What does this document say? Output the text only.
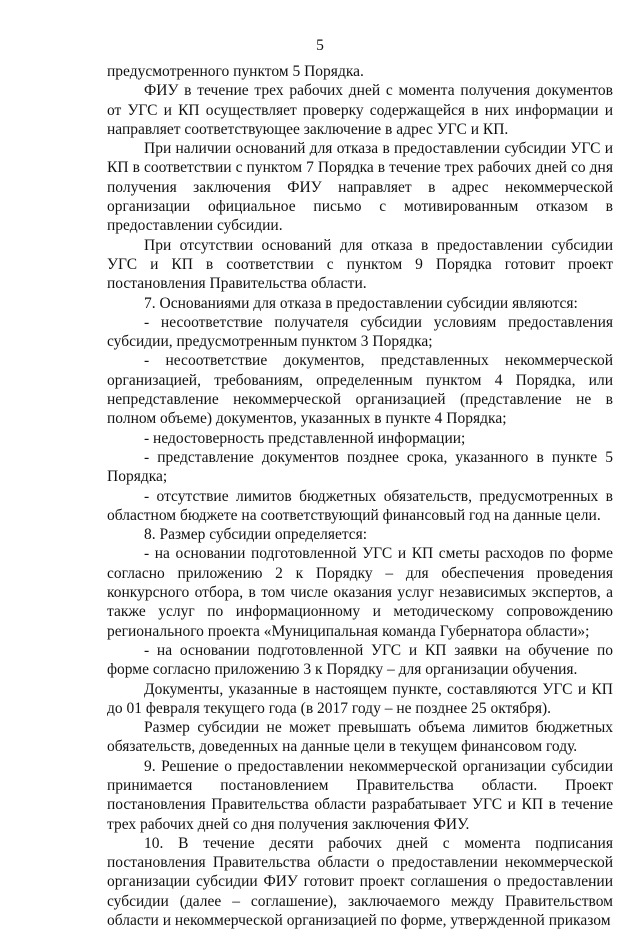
5

предусмотренного пунктом 5 Порядка.

ФИУ в течение трех рабочих дней с момента получения документов от УГС и КП осуществляет проверку содержащейся в них информации и направляет соответствующее заключение в адрес УГС и КП.

При наличии оснований для отказа в предоставлении субсидии УГС и КП в соответствии с пунктом 7 Порядка в течение трех рабочих дней со дня получения заключения ФИУ направляет в адрес некоммерческой организации официальное письмо с мотивированным отказом в предоставлении субсидии.

При отсутствии оснований для отказа в предоставлении субсидии УГС и КП в соответствии с пунктом 9 Порядка готовит проект постановления Правительства области.

7. Основаниями для отказа в предоставлении субсидии являются:

- несоответствие получателя субсидии условиям предоставления субсидии, предусмотренным пунктом 3 Порядка;

- несоответствие документов, представленных некоммерческой организацией, требованиям, определенным пунктом 4 Порядка, или непредставление некоммерческой организацией (представление не в полном объеме) документов, указанных в пункте 4 Порядка;

- недостоверность представленной информации;

- представление документов позднее срока, указанного в пункте 5 Порядка;

- отсутствие лимитов бюджетных обязательств, предусмотренных в областном бюджете на соответствующий финансовый год на данные цели.

8. Размер субсидии определяется:

- на основании подготовленной УГС и КП сметы расходов по форме согласно приложению 2 к Порядку – для обеспечения проведения конкурсного отбора, в том числе оказания услуг независимых экспертов, а также услуг по информационному и методическому сопровождению регионального проекта «Муниципальная команда Губернатора области»;

- на основании подготовленной УГС и КП заявки на обучение по форме согласно приложению 3 к Порядку – для организации обучения.

Документы, указанные в настоящем пункте, составляются УГС и КП до 01 февраля текущего года (в 2017 году – не позднее 25 октября).

Размер субсидии не может превышать объема лимитов бюджетных обязательств, доведенных на данные цели в текущем финансовом году.

9. Решение о предоставлении некоммерческой организации субсидии принимается постановлением Правительства области. Проект постановления Правительства области разрабатывает УГС и КП в течение трех рабочих дней со дня получения заключения ФИУ.

10. В течение десяти рабочих дней с момента подписания постановления Правительства области о предоставлении некоммерческой организации субсидии ФИУ готовит проект соглашения о предоставлении субсидии (далее – соглашение), заключаемого между Правительством области и некоммерческой организацией по форме, утвержденной приказом
